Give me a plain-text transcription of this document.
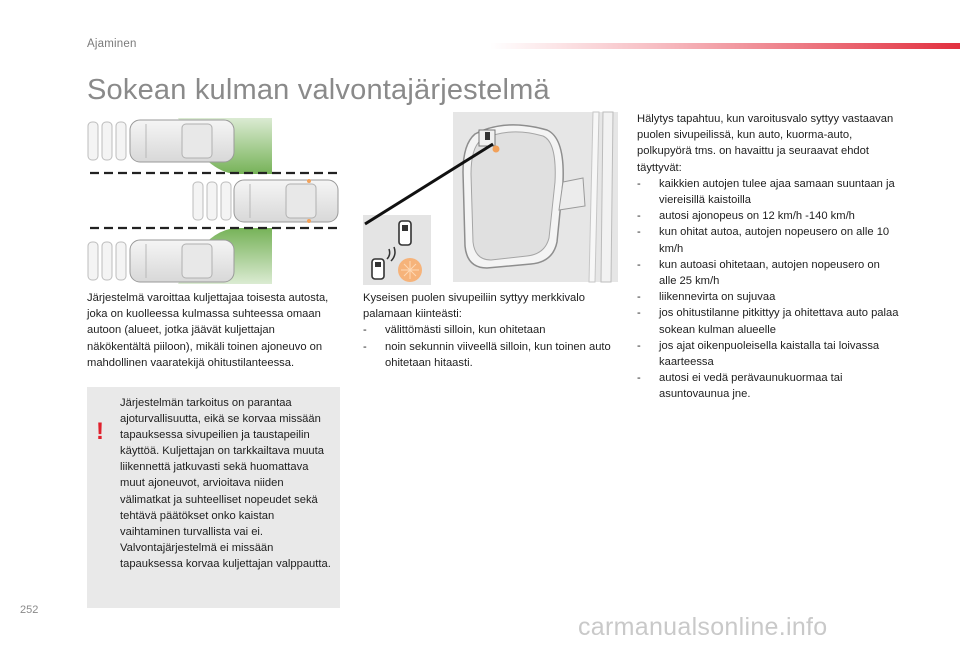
Ajaminen
Sokean kulman valvontajärjestelmä
Järjestelmä varoittaa kuljettajaa toisesta autosta, joka on kuolleessa kulmassa suhteessa omaan autoon (alueet, jotka jäävät kuljettajan näkökentältä piiloon), mikäli toinen ajoneuvo on mahdollinen vaaratekijä ohitustilanteessa.
!
Järjestelmän tarkoitus on parantaa ajoturvallisuutta, eikä se korvaa missään tapauksessa sivupeilien ja taustapeilin käyttöä. Kuljettajan on tarkkailtava muuta liikennettä jatkuvasti sekä huomattava muut ajoneuvot, arvioitava niiden välimatkat ja suhteelliset nopeudet sekä tehtävä päätökset onko kaistan vaihtaminen turvallista vai ei.
Valvontajärjestelmä ei missään tapauksessa korvaa kuljettajan valppautta.
Kyseisen puolen sivupeiliin syttyy merkkivalo palamaan kiinteästi:
- välittömästi silloin, kun ohitetaan
- noin sekunnin viiveellä silloin, kun toinen auto ohitetaan hitaasti.
Hälytys tapahtuu, kun varoitusvalo syttyy vastaavan puolen sivupeilissä, kun auto, kuorma-auto, polkupyörä tms. on havaittu ja seuraavat ehdot täyttyvät:
- kaikkien autojen tulee ajaa samaan suuntaan ja viereisillä kaistoilla
- autosi ajonopeus on 12 km/h -140 km/h
- kun ohitat autoa, autojen nopeusero on alle 10 km/h
- kun autoasi ohitetaan, autojen nopeusero on alle 25 km/h
- liikennevirta on sujuvaa
- jos ohitustilanne pitkittyy ja ohitettava auto palaa sokean kulman alueelle
- jos ajat oikenpuoleisella kaistalla tai loivassa kaarteessa
- autosi ei vedä perävaunukuormaa tai asuntovaunua jne.
252
carmanualsonline.info
